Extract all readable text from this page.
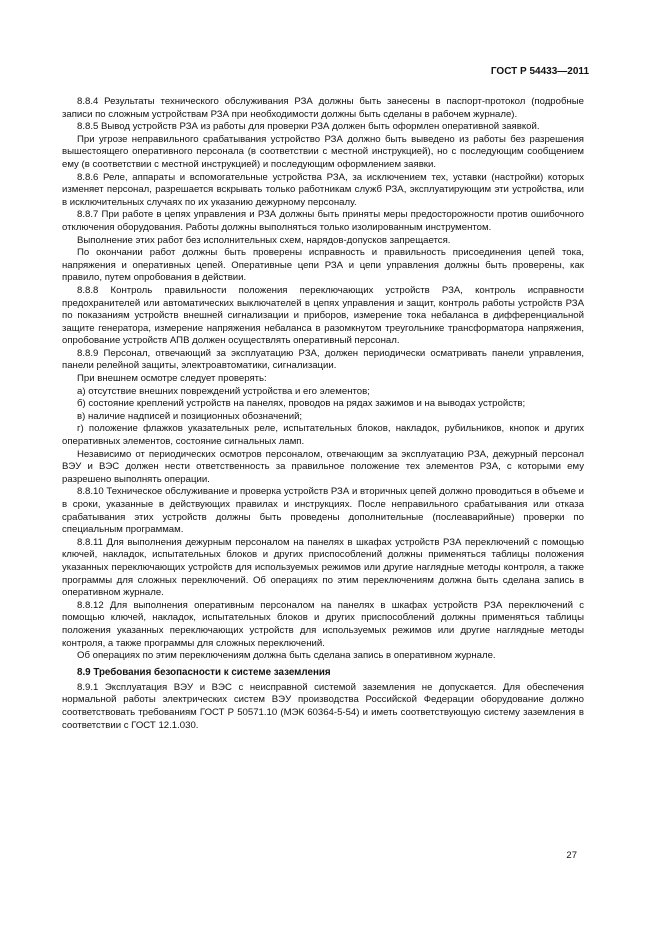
ГОСТ Р 54433—2011

8.8.4 Результаты технического обслуживания РЗА должны быть занесены в паспорт-протокол (подробные записи по сложным устройствам РЗА при необходимости должны быть сделаны в рабочем журнале).

8.8.5 Вывод устройств РЗА из работы для проверки РЗА должен быть оформлен оперативной заявкой.

При угрозе неправильного срабатывания устройство РЗА должно быть выведено из работы без разрешения вышестоящего оперативного персонала (в соответствии с местной инструкцией), но с последующим сообщением ему (в соответствии с местной инструкцией) и последующим оформлением заявки.

8.8.6 Реле, аппараты и вспомогательные устройства РЗА, за исключением тех, уставки (настройки) которых изменяет персонал, разрешается вскрывать только работникам служб РЗА, эксплуатирующим эти устройства, или в исключительных случаях по их указанию дежурному персоналу.

8.8.7 При работе в цепях управления и РЗА должны быть приняты меры предосторожности против ошибочного отключения оборудования. Работы должны выполняться только изолированным инструментом.

Выполнение этих работ без исполнительных схем, нарядов-допусков запрещается.

По окончании работ должны быть проверены исправность и правильность присоединения цепей тока, напряжения и оперативных цепей. Оперативные цепи РЗА и цепи управления должны быть проверены, как правило, путем опробования в действии.

8.8.8 Контроль правильности положения переключающих устройств РЗА, контроль исправности предохранителей или автоматических выключателей в цепях управления и защит, контроль работы устройств РЗА по показаниям устройств внешней сигнализации и приборов, измерение тока небаланса в дифференциальной защите генератора, измерение напряжения небаланса в разомкнутом треугольнике трансформатора напряжения, опробование устройств АПВ должен осуществлять оперативный персонал.

8.8.9 Персонал, отвечающий за эксплуатацию РЗА, должен периодически осматривать панели управления, панели релейной защиты, электроавтоматики, сигнализации.

При внешнем осмотре следует проверять:

а) отсутствие внешних повреждений устройства и его элементов;

б) состояние креплений устройств на панелях, проводов на рядах зажимов и на выводах устройств;

в) наличие надписей и позиционных обозначений;

г) положение флажков указательных реле, испытательных блоков, накладок, рубильников, кнопок и других оперативных элементов, состояние сигнальных ламп.

Независимо от периодических осмотров персоналом, отвечающим за эксплуатацию РЗА, дежурный персонал ВЭУ и ВЭС должен нести ответственность за правильное положение тех элементов РЗА, с которыми ему разрешено выполнять операции.

8.8.10 Техническое обслуживание и проверка устройств РЗА и вторичных цепей должно проводиться в объеме и в сроки, указанные в действующих правилах и инструкциях. После неправильного срабатывания или отказа срабатывания этих устройств должны быть проведены дополнительные (послеаварийные) проверки по специальным программам.

8.8.11 Для выполнения дежурным персоналом на панелях в шкафах устройств РЗА переключений с помощью ключей, накладок, испытательных блоков и других приспособлений должны применяться таблицы положения указанных переключающих устройств для используемых режимов или другие наглядные методы контроля, а также программы для сложных переключений. Об операциях по этим переключениям должна быть сделана запись в оперативном журнале.

8.8.12 Для выполнения оперативным персоналом на панелях в шкафах устройств РЗА переключений с помощью ключей, накладок, испытательных блоков и других приспособлений должны применяться таблицы положения указанных переключающих устройств для используемых режимов или другие наглядные методы контроля, а также программы для сложных переключений.

Об операциях по этим переключениям должна быть сделана запись в оперативном журнале.

8.9 Требования безопасности к системе заземления

8.9.1 Эксплуатация ВЭУ и ВЭС с неисправной системой заземления не допускается. Для обеспечения нормальной работы электрических систем ВЭУ производства Российской Федерации оборудование должно соответствовать требованиям ГОСТ Р 50571.10 (МЭК 60364-5-54) и иметь соответствующую систему заземления в соответствии с ГОСТ 12.1.030.

27
